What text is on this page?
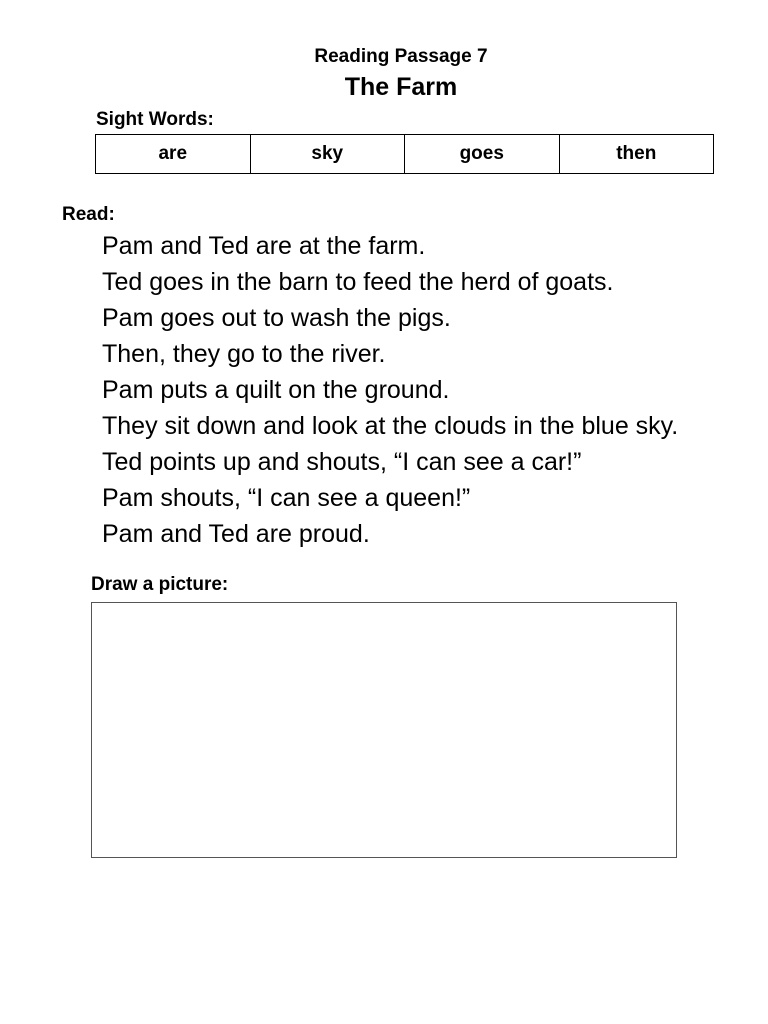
Reading Passage 7
The Farm
Sight Words:
are	sky	goes	then
Read:
Pam and Ted are at the farm.
Ted goes in the barn to feed the herd of goats.
Pam goes out to wash the pigs.
Then, they go to the river.
Pam puts a quilt on the ground.
They sit down and look at the clouds in the blue sky.
Ted points up and shouts, “I can see a car!”
Pam shouts, “I can see a queen!”
Pam and Ted are proud.
Draw a picture:
